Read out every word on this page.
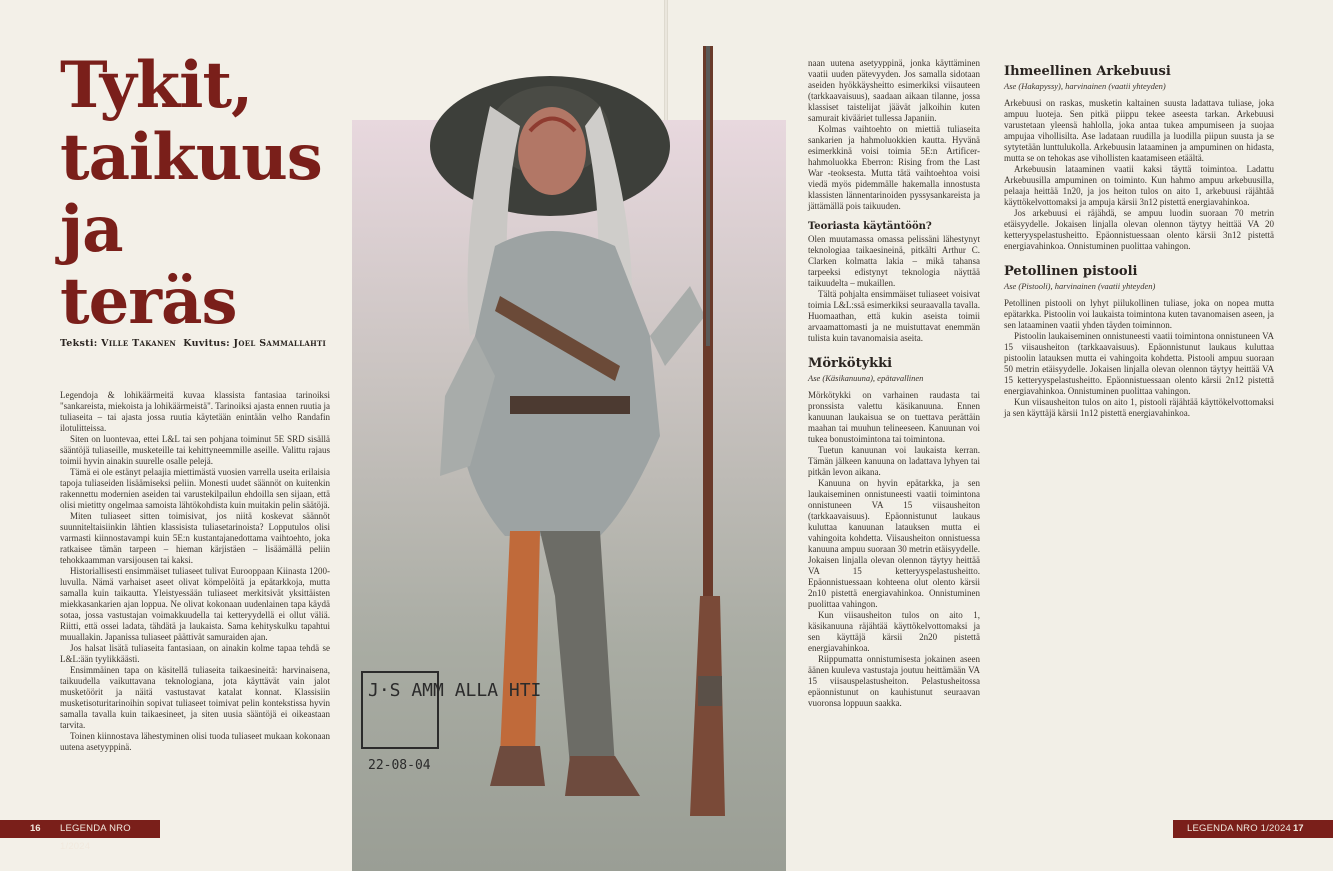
Tykit,
taikuus ja
teräs
Teksti: Ville Takanen Kuvitus: Joel Sammallahti

Legendoja & lohikäärmeitä kuvaa klassista fantasiaa tarinoiksi "sankareista, miekoista ja lohikäärmeistä". Tarinoiksi ajasta ennen ruutia ja tuliaseita – tai ajasta jossa ruutia käytetään enintään velho Randafin ilotulitteissa.

Siten on luontevaa, ettei L&L tai sen pohjana toiminut 5E SRD sisällä sääntöjä tuliaseille, musketeille tai kehittyneemmille aseille. Valittu rajaus toimii hyvin ainakin suurelle osalle pelejä.

Tämä ei ole estänyt pelaajia miettimästä vuosien varrella useita erilaisia tapoja tuliaseiden lisäämiseksi peliin. Monesti uudet säännöt on kuitenkin rakennettu modernien aseiden tai varustekilpailun ehdoilla sen sijaan, että olisi mietitty ongelmaa samoista lähtökohdista kuin muitakin pelin säätöjä.

Miten tuliaseet sitten toimisivat, jos niitä koskevat säännöt suunniteltaisiinkin lähtien klassisista tuliasetarinoista? Lopputulos olisi varmasti kiinnostavampi kuin 5E:n kustantajanedottama vaihtoehto, joka ratkaisee tämän tarpeen – hieman kärjistäen – lisäämällä peliin tehokkaamman varsijousen tai kaksi.

Historiallisesti ensimmäiset tuliaseet tulivat Eurooppaan Kiinasta 1200-luvulla. Nämä varhaiset aseet olivat kömpelöitä ja epätarkkoja, mutta samalla kuin taikautta. Yleistyessään tuliaseet merkitsivät yksittäisten miekkasankarien ajan loppua. Ne olivat kokonaan uudenlainen tapa käydä sotaa, jossa vastustajan voimakkuudella tai ketteryydellä ei ollut väliä. Riitti, että ossei ladata, tähdätä ja laukaista. Sama kehityskulku tapahtui muuallakin. Japanissa tuliaseet päättivät samuraiden ajan.

Jos halsat lisätä tuliaseita fantasiaan, on ainakin kolme tapaa tehdä se L&L:ään tyylikkäästi.

Ensimmäinen tapa on käsitellä tuliaseita taikaesineitä: harvinaisena, taikuudella vaikuttavana teknologiana, jota käyttävät vain jalot musketöörit ja näitä vastustavat katalat konnat. Klassisiin musketisoturitarinoihin sopivat tuliaseet toimivat pelin kontekstissa hyvin samalla tavalla kuin taikaesineet, ja siten uusia sääntöjä ei oikeastaan tarvita.

Toinen kiinnostava lähestyminen olisi tuoda tuliaseet mukaan kokonaan uutena asetyyppinä.

J·S AMM ALLA HTI
22-08-04

naan uutena asetyyppinä, jonka käyttäminen vaatii uuden pätevyyden. Jos samalla sidotaan aseiden hyökkäysheitto esimerkiksi viisauteen (tarkkaavaisuus), saadaan aikaan tilanne, jossa klassiset taistelijat jäävät jalkoihin kuten samurait kivääriet tullessa Japaniin.

Kolmas vaihtoehto on miettiä tuliaseita sankarien ja hahmoluokkien kautta. Hyvänä esimerkkinä voisi toimia 5E:n Artificer-hahmoluokka Eberron: Rising from the Last War -teoksesta. Mutta tätä vaihtoehtoa voisi viedä myös pidemmälle hakemalla innostusta klassisten lännentarinoiden pyssysankareista ja jättämällä pois taikuuden.

Teoriasta käytäntöön?

Olen muutamassa omassa pelissäni lähestynyt teknologiaa taikaesineinä, pitkälti Arthur C. Clarken kolmatta lakia – mikä tahansa tarpeeksi edistynyt teknologia näyttää taikuudelta – mukaillen.

Tältä pohjalta ensimmäiset tuliaseet voisivat toimia L&L:ssä esimerkiksi seuraavalla tavalla. Huomaathan, että kukin aseista toimii arvaamattomasti ja ne muistuttavat enemmän tulista kuin tavanomaisia aseita.

Mörkötykki
Ase (Käsikanuuna), epätavallinen

Mörkötykki on varhainen raudasta tai pronssista valettu käsikanuuna. Ennen kanuunan laukaisua se on tuettava perättäin maahan tai muuhun telineeseen. Kanuunan voi tukea bonustoimintona tai toimintona.

Tuetun kanuunan voi laukaista kerran. Tämän jälkeen kanuuna on ladattava lyhyen tai pitkän levon aikana.

Kanuuna on hyvin epätarkka, ja sen laukaiseminen onnistuneesti vaatii toimintona onnistuneen VA 15 viisausheiton (tarkkaavaisuus). Epäonnistunut laukaus kuluttaa kanuunan latauksen mutta ei vahingoita kohdetta. Viisausheiton onnistuessa kanuuna ampuu suoraan 30 metrin etäisyydelle. Jokaisen linjalla olevan olennon täytyy heittää VA 15 ketteryyspelastusheitto. Epäonnistuessaan kohteena olut olento kärsii 2n10 pistettä energiavahinkoa. Onnistuminen puolittaa vahingon.

Kun viisausheiton tulos on aito 1, käsikanuuna räjähtää käyttökelvottomaksi ja sen käyttäjä kärsii 2n20 pistettä energiavahinkoa.

Riippumatta onnistumisesta jokainen aseen äänen kuuleva vastustaja joutuu heittämään VA 15 viisauspelastusheiton. Pelastusheitossa epäonnistunut on kauhistunut seuraavan vuoronsa loppuun saakka.

Ihmeellinen Arkebuusi
Ase (Hakapyssy), harvinainen (vaatii yhteyden)

Arkebuusi on raskas, musketin kaltainen suusta ladattava tuliase, joka ampuu luoteja. Sen pitkä piippu tekee aseesta tarkan. Arkebuusi varustetaan yleensä hahlolla, joka antaa tukea ampumiseen ja suojaa ampujaa vihollisilta. Ase ladataan ruudilla ja luodilla piipun suusta ja se sytytetään lunttulukolla. Arkebuusin lataaminen ja ampuminen on hidasta, mutta se on tehokas ase vihollisten kaatamiseen etäältä.

Arkebuusin lataaminen vaatii kaksi täyttä toimintoa. Ladattu Arkebuusilla ampuminen on toiminto. Kun hahmo ampuu arkebuusilla, pelaaja heittää 1n20, ja jos heiton tulos on aito 1, arkebuusi räjähtää käyttökelvottomaksi ja ampuja kärsii 3n12 pistettä energiavahinkoa.

Jos arkebuusi ei räjähdä, se ampuu luodin suoraan 70 metrin etäisyydelle. Jokaisen linjalla olevan olennon täytyy heittää VA 20 ketteryyspelastusheitto. Epäonnistuessaan olento kärsii 3n12 pistettä energiavahinkoa. Onnistuminen puolittaa vahingon.

Petollinen pistooli
Ase (Pistooli), harvinainen (vaatii yhteyden)

Petollinen pistooli on lyhyt piilukollinen tuliase, joka on nopea mutta epätarkka. Pistoolin voi laukaista toimintona kuten tavanomaisen aseen, ja sen lataaminen vaatii yhden täyden toiminnon.

Pistoolin laukaiseminen onnistuneesti vaatii toimintona onnistuneen VA 15 viisausheiton (tarkkaavaisuus). Epäonnistunut laukaus kuluttaa pistoolin latauksen mutta ei vahingoita kohdetta. Pistooli ampuu suoraan 50 metrin etäisyydelle. Jokaisen linjalla olevan olennon täytyy heittää VA 15 ketteryyspelastusheitto. Epäonnistuessaan olento kärsii 2n12 pistettä energiavahinkoa. Onnistuminen puolittaa vahingon.

Kun viisausheiton tulos on aito 1, pistooli räjähtää käyttökelvottomaksi ja sen käyttäjä kärsii 1n12 pistettä energiavahinkoa.

16 LEGENDA NRO 1/2024
LEGENDA NRO 1/2024 17
